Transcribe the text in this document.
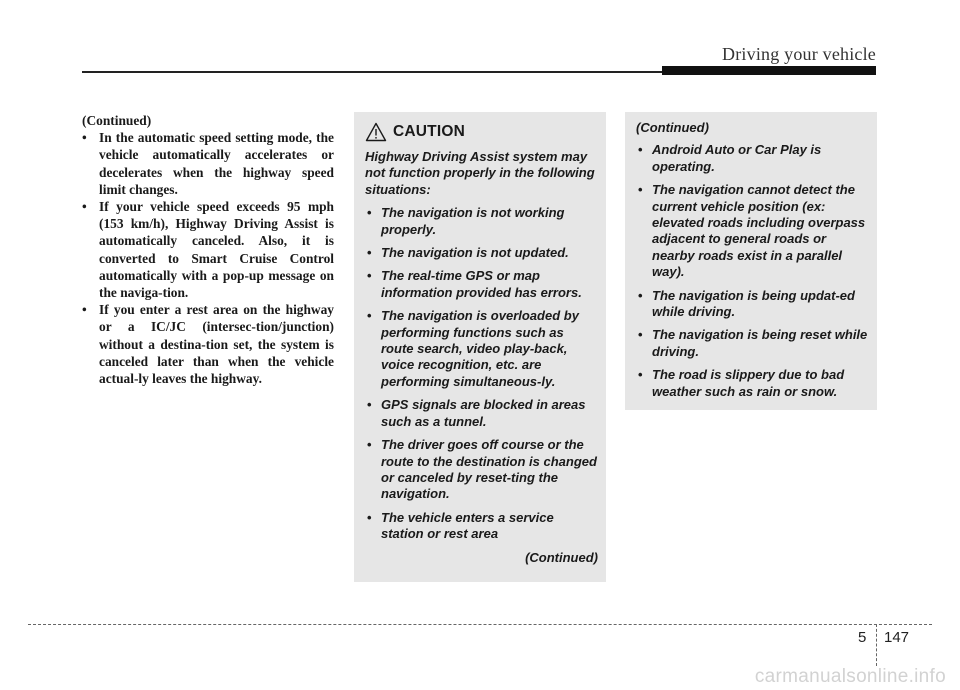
Driving your vehicle

(Continued)

• In the automatic speed setting mode, the vehicle automatically accelerates or decelerates when the highway speed limit changes.
• If your vehicle speed exceeds 95 mph (153 km/h), Highway Driving Assist is automatically canceled. Also, it is converted to Smart Cruise Control automatically with a pop-up message on the naviga-tion.
• If you enter a rest area on the highway or a IC/JC (intersec-tion/junction) without a destina-tion set, the system is canceled later than when the vehicle actual-ly leaves the highway.
CAUTION

Highway Driving Assist system may not function properly in the following situations:

• The navigation is not working properly.
• The navigation is not updated.
• The real-time GPS or map information provided has errors.
• The navigation is overloaded by performing functions such as route search, video play-back, voice recognition, etc. are performing simultaneous-ly.
• GPS signals are blocked in areas such as a tunnel.
• The driver goes off course or the route to the destination is changed or canceled by reset-ting the navigation.
• The vehicle enters a service station or rest area
(Continued)

(Continued)

• Android Auto or Car Play is operating.
• The navigation cannot detect the current vehicle position (ex: elevated roads including overpass adjacent to general roads or nearby roads exist in a parallel way).
• The navigation is being updat-ed while driving.
• The navigation is being reset while driving.
• The road is slippery due to bad weather such as rain or snow.
5 147
carmanualsonline.info
